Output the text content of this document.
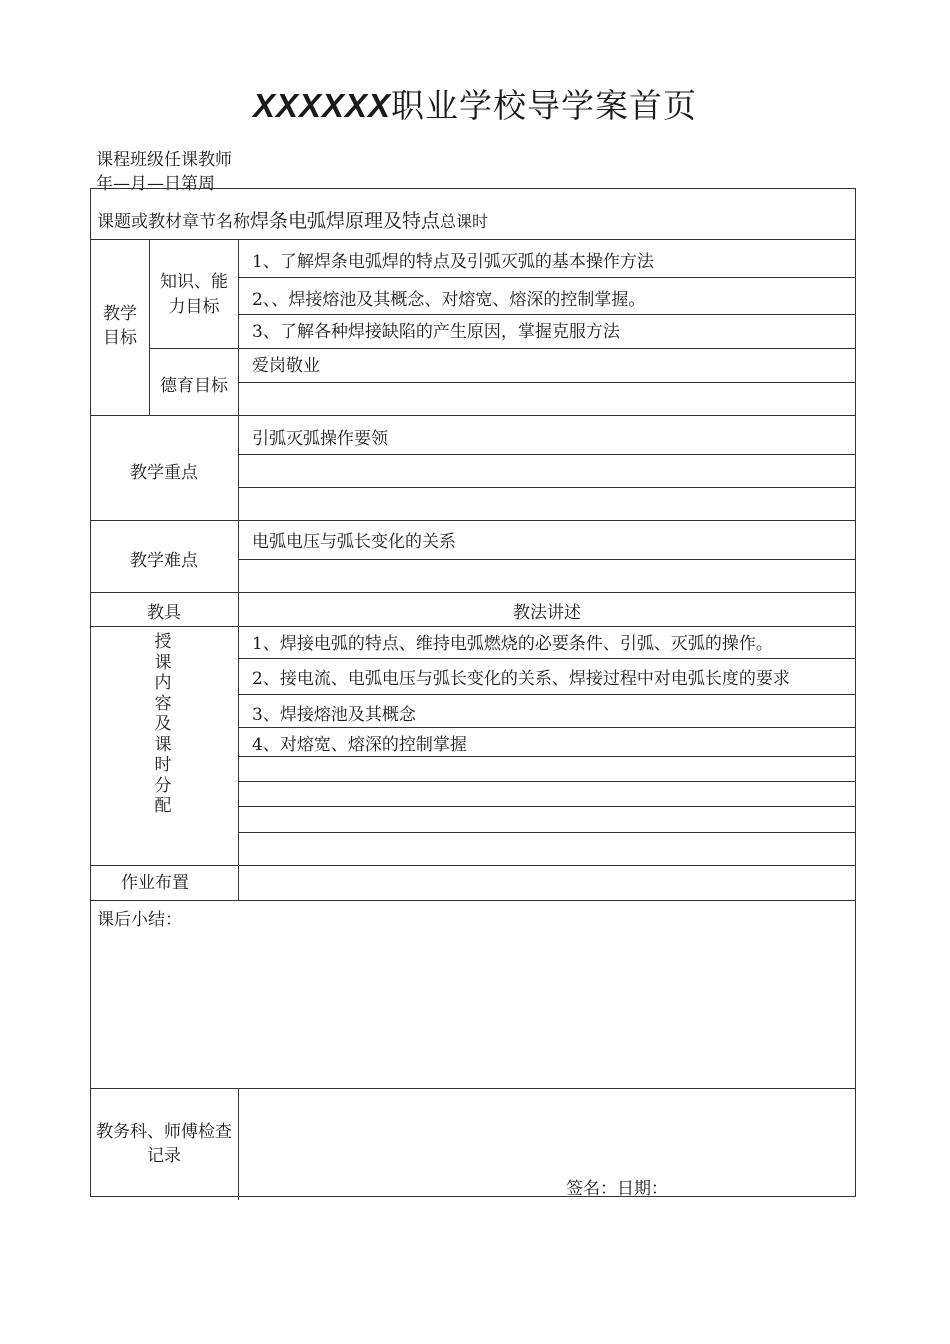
XXXXXX职业学校导学案首页
课程班级任课教师
年—月—日第周
课题或教材章节名称焊条电弧焊原理及特点总课时
教学目标
知识、能力目标
德育目标
1、了解焊条电弧焊的特点及引弧灭弧的基本操作方法
2、、焊接熔池及其概念、对熔宽、熔深的控制掌握。
3、了解各种焊接缺陷的产生原因，掌握克服方法
爱岗敬业
教学重点
引弧灭弧操作要领
教学难点
电弧电压与弧长变化的关系
教具	教法讲述
授课内容及课时分配
1、焊接电弧的特点、维持电弧燃烧的必要条件、引弧、灭弧的操作。
2、接电流、电弧电压与弧长变化的关系、焊接过程中对电弧长度的要求
3、焊接熔池及其概念
4、对熔宽、熔深的控制掌握
作业布置
课后小结：
教务科、师傅检查记录
签名：日期：
